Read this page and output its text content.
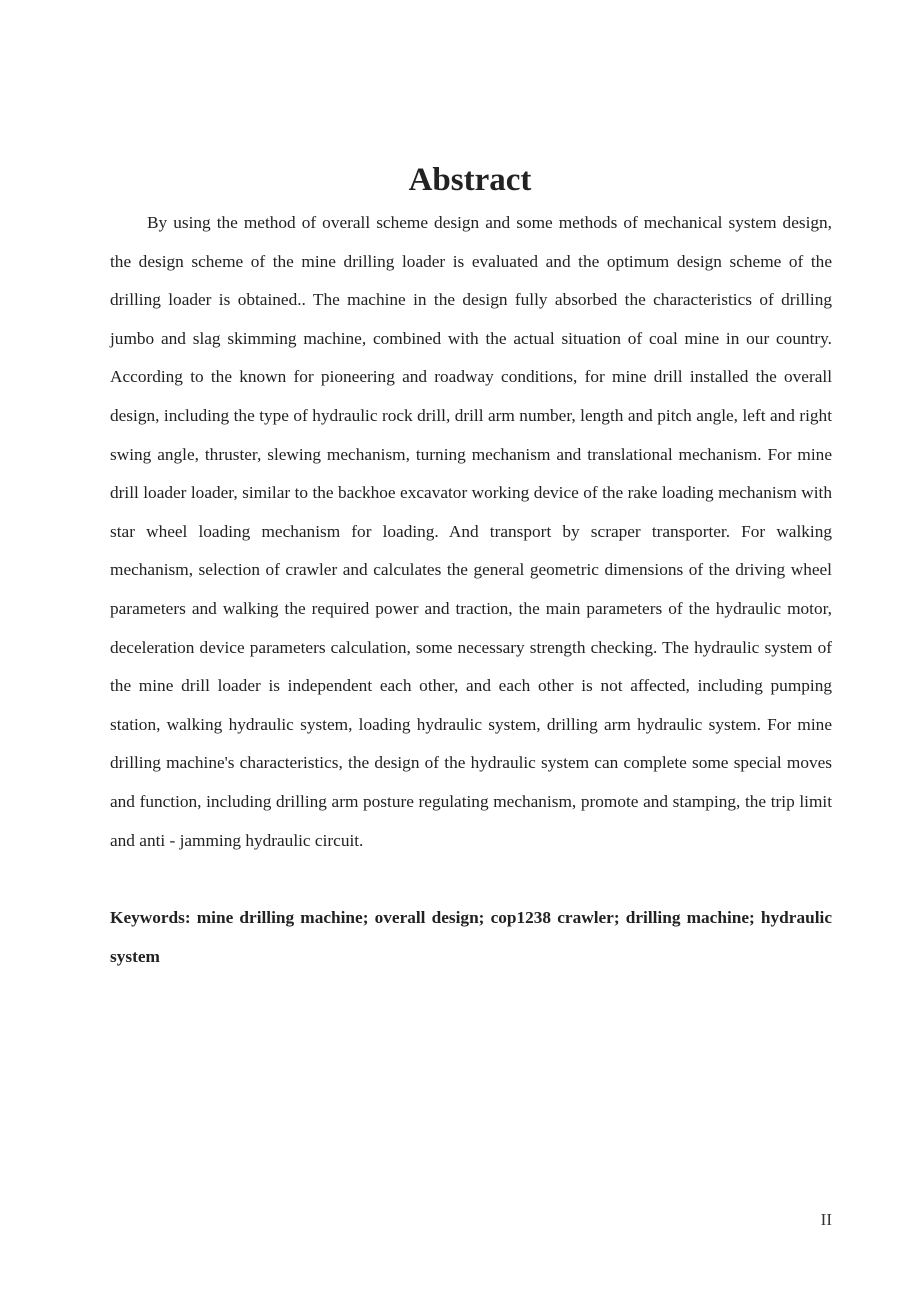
Abstract

By using the method of overall scheme design and some methods of mechanical system design, the design scheme of the mine drilling loader is evaluated and the optimum design scheme of the drilling loader is obtained.. The machine in the design fully absorbed the characteristics of drilling jumbo and slag skimming machine, combined with the actual situation of coal mine in our country. According to the known for pioneering and roadway conditions, for mine drill installed the overall design, including the type of hydraulic rock drill, drill arm number, length and pitch angle, left and right swing angle, thruster, slewing mechanism, turning mechanism and translational mechanism. For mine drill loader loader, similar to the backhoe excavator working device of the rake loading mechanism with star wheel loading mechanism for loading. And transport by scraper transporter. For walking mechanism, selection of crawler and calculates the general geometric dimensions of the driving wheel parameters and walking the required power and traction, the main parameters of the hydraulic motor, deceleration device parameters calculation, some necessary strength checking. The hydraulic system of the mine drill loader is independent each other, and each other is not affected, including pumping station, walking hydraulic system, loading hydraulic system, drilling arm hydraulic system. For mine drilling machine's characteristics, the design of the hydraulic system can complete some special moves and function, including drilling arm posture regulating mechanism, promote and stamping, the trip limit and anti - jamming hydraulic circuit.

Keywords: mine drilling machine; overall design; cop1238 crawler; drilling machine; hydraulic system

II
